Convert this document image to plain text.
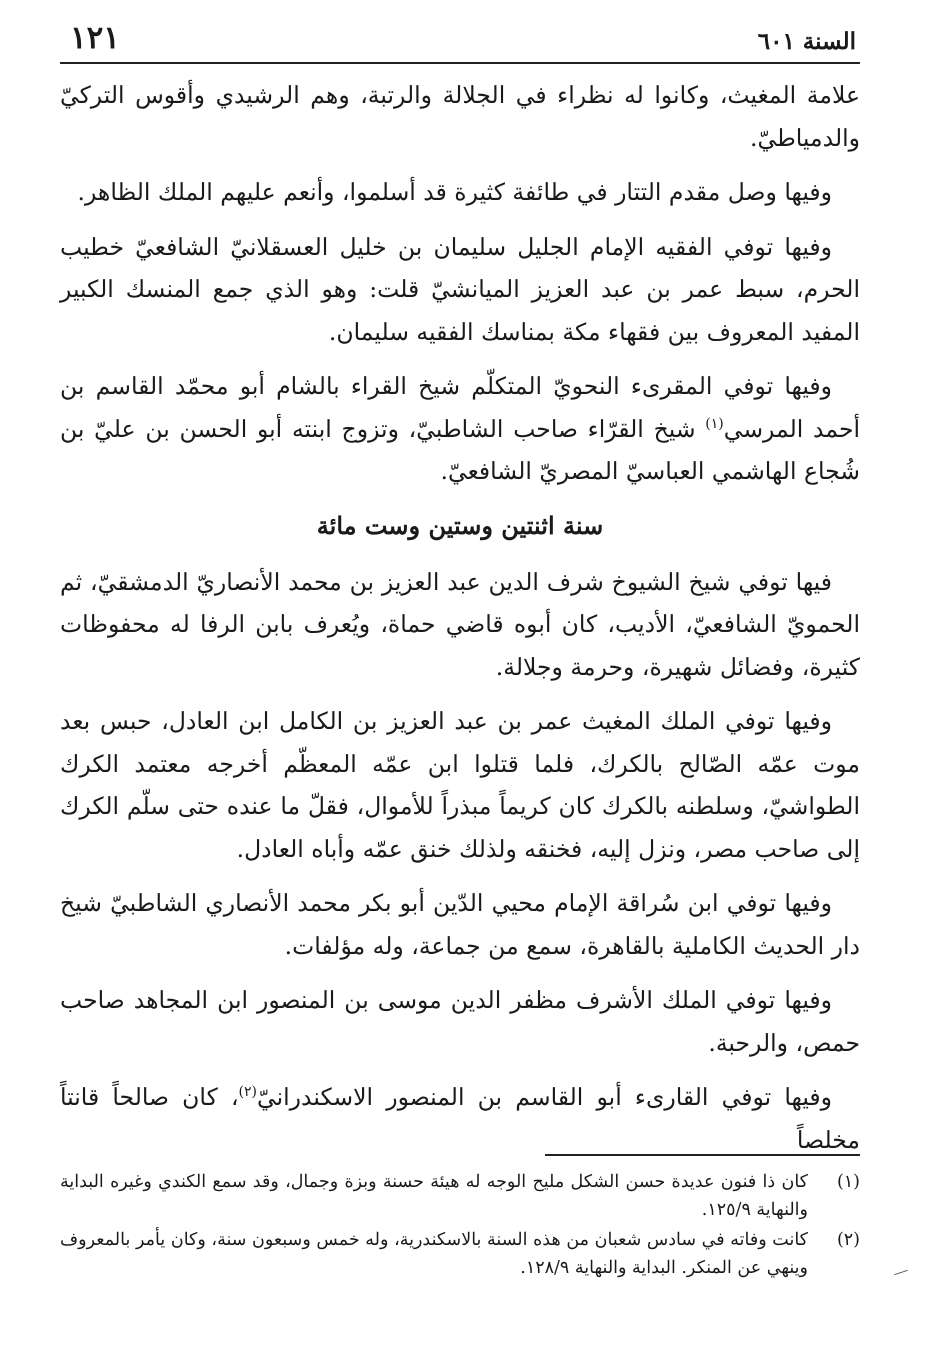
السنة ٦٠١
١٢١

علامة المغيث، وكانوا له نظراء في الجلالة والرتبة، وهم الرشيدي وأقوس التركيّ والدمياطيّ.

وفيها وصل مقدم التتار في طائفة كثيرة قد أسلموا، وأنعم عليهم الملك الظاهر.

وفيها توفي الفقيه الإمام الجليل سليمان بن خليل العسقلانيّ الشافعيّ خطيب الحرم، سبط عمر بن عبد العزيز الميانشيّ قلت: وهو الذي جمع المنسك الكبير المفيد المعروف بين فقهاء مكة بمناسك الفقيه سليمان.

وفيها توفي المقرىء النحويّ المتكلّم شيخ القراء بالشام أبو محمّد القاسم بن أحمد المرسي$^{(١)}$ شيخ القرّاء صاحب الشاطبيّ، وتزوج ابنته أبو الحسن بن عليّ بن شُجاع الهاشمي العباسيّ المصريّ الشافعيّ.

سنة اثنتين وستين وست مائة

فيها توفي شيخ الشيوخ شرف الدين عبد العزيز بن محمد الأنصاريّ الدمشقيّ، ثم الحمويّ الشافعيّ، الأديب، كان أبوه قاضي حماة، ويُعرف بابن الرفا له محفوظات كثيرة، وفضائل شهيرة، وحرمة وجلالة.

وفيها توفي الملك المغيث عمر بن عبد العزيز بن الكامل ابن العادل، حبس بعد موت عمّه الصّالح بالكرك، فلما قتلوا ابن عمّه المعظّم أخرجه معتمد الكرك الطواشيّ، وسلطنه بالكرك كان كريماً مبذراً للأموال، فقلّ ما عنده حتى سلّم الكرك إلى صاحب مصر، ونزل إليه، فخنقه ولذلك خنق عمّه وأباه العادل.

وفيها توفي ابن سُراقة الإمام محيي الدّين أبو بكر محمد الأنصاري الشاطبيّ شيخ دار الحديث الكاملية بالقاهرة، سمع من جماعة، وله مؤلفات.

وفيها توفي الملك الأشرف مظفر الدين موسى بن المنصور ابن المجاهد صاحب حمص، والرحبة.

وفيها توفي القارىء أبو القاسم بن المنصور الاسكندرانيّ$^{(٢)}$، كان صالحاً قانتاً مخلصاً

(١)
كان ذا فنون عديدة حسن الشكل مليح الوجه له هيئة حسنة وبزة وجمال، وقد سمع الكندي وغيره البداية والنهاية ١٢٥/٩.
(٢)
كانت وفاته في سادس شعبان من هذه السنة بالاسكندرية، وله خمس وسبعون سنة، وكان يأمر بالمعروف وينهي عن المنكر. البداية والنهاية ١٢٨/٩.
